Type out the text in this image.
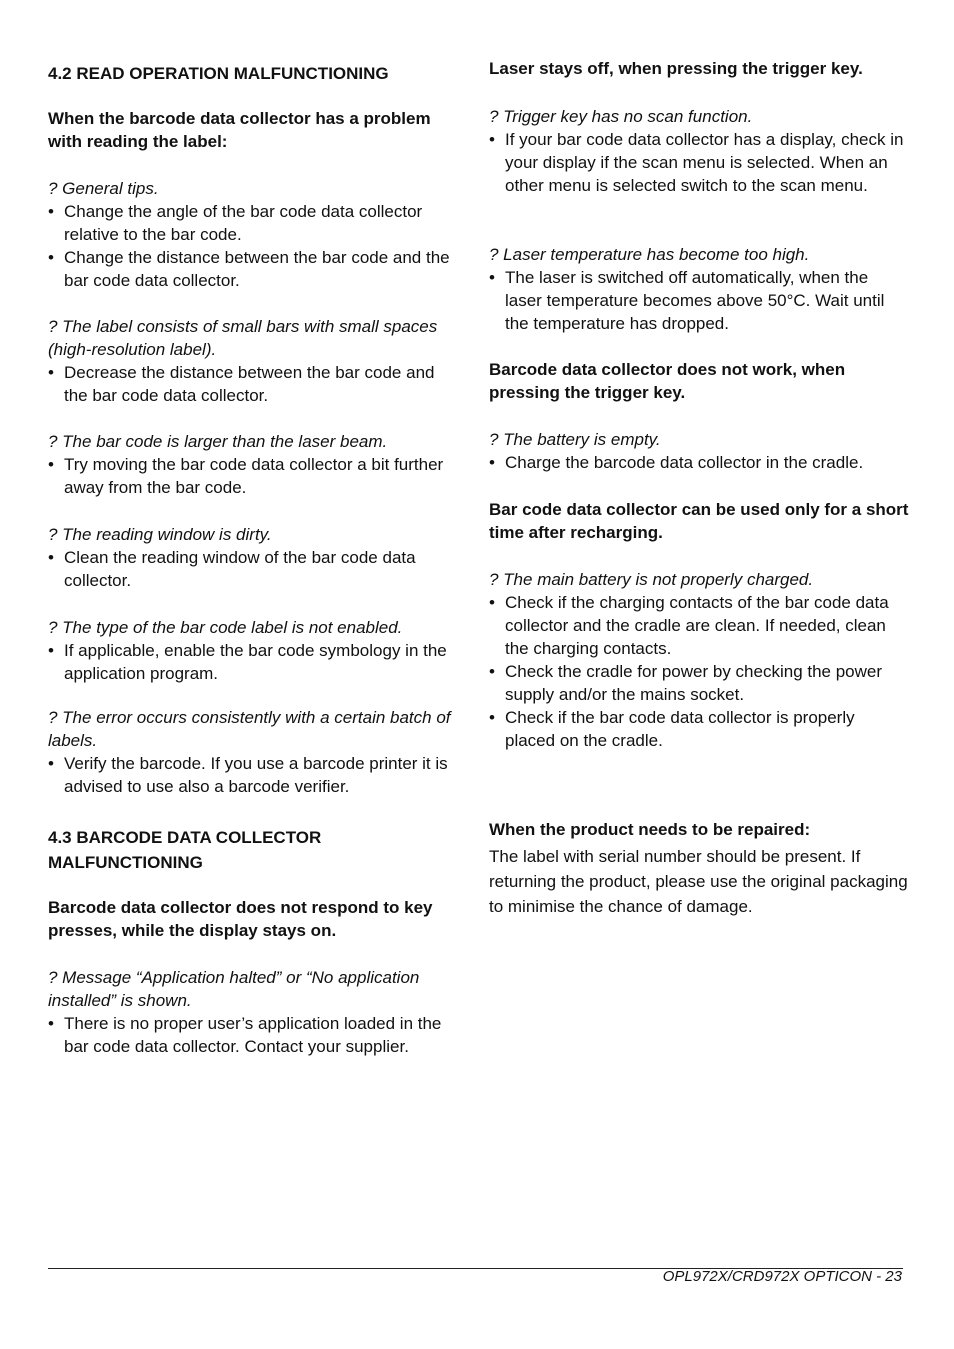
4.2 READ OPERATION MALFUNCTIONING
When the barcode data collector has a problem with reading the label:
? General tips.
• Change the angle of the bar code data collector relative to the bar code.
• Change the distance between the bar code and the bar code data collector.
? The label consists of small bars with small spaces (high-resolution label).
• Decrease the distance between the bar code and the bar code data collector.
? The bar code is larger than the laser beam.
• Try moving the bar code data collector a bit further away from the bar code.
? The reading window is dirty.
• Clean the reading window of the bar code data collector.
? The type of the bar code label is not enabled.
• If applicable, enable the bar code symbology in the application program.
? The error occurs consistently with a certain batch of labels.
• Verify the barcode. If you use a barcode printer it is advised to use also a barcode verifier.
4.3 BARCODE DATA COLLECTOR MALFUNCTIONING
Barcode data collector does not respond to key presses, while the display stays on.
? Message “Application halted” or “No application installed” is shown.
• There is no proper user’s application loaded in the bar code data collector. Contact your supplier.
Laser stays off, when pressing the trigger key.
? Trigger key has no scan function.
• If your bar code data collector has a display, check in your display if the scan menu is selected. When an other menu is selected switch to the scan menu.
? Laser temperature has become too high.
• The laser is switched off automatically, when the laser temperature becomes above 50°C. Wait until the temperature has dropped.
Barcode data collector does not work, when pressing the trigger key.
? The battery is empty.
• Charge the barcode data collector in the cradle.
Bar code data collector can be used only for a short time after recharging.
? The main battery is not properly charged.
• Check if the charging contacts of the bar code data collector and the cradle are clean. If needed, clean the charging contacts.
• Check the cradle for power by checking the power supply and/or the mains socket.
• Check if the bar code data collector is properly placed on the cradle.
When the product needs to be repaired:
The label with serial number should be present. If returning the product, please use the original packaging to minimise the chance of damage.
OPL972X/CRD972X OPTICON - 23
